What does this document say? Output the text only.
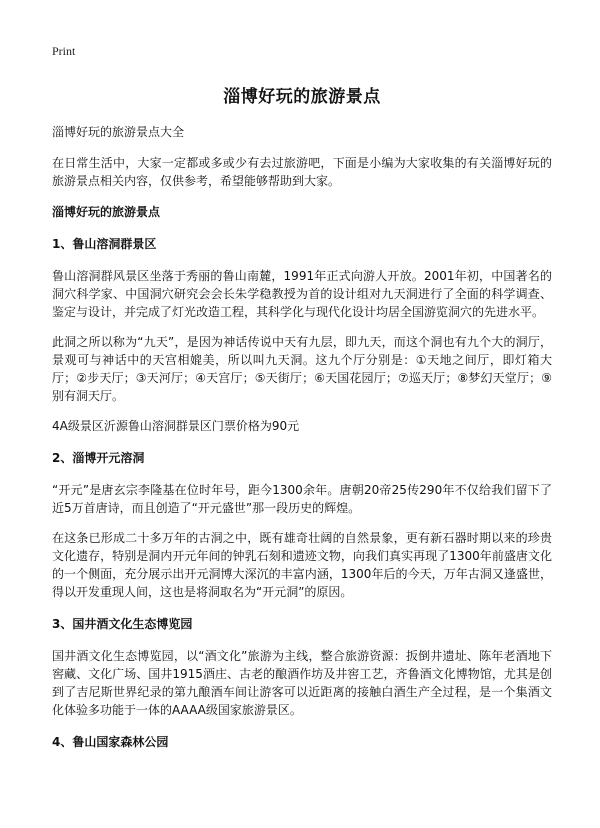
Print
淄博好玩的旅游景点
淄博好玩的旅游景点大全

在日常生活中，大家一定都或多或少有去过旅游吧，下面是小编为大家收集的有关淄博好玩的旅游景点相关内容，仅供参考，希望能够帮助到大家。

淄博好玩的旅游景点
1、鲁山溶洞群景区

鲁山溶洞群风景区坐落于秀丽的鲁山南麓，1991年正式向游人开放。2001年初，中国著名的洞穴科学家、中国洞穴研究会会长朱学稳教授为首的设计组对九天洞进行了全面的科学调查、鉴定与设计，并完成了灯光改造工程，其科学化与现代化设计均居全国游览洞穴的先进水平。

此洞之所以称为“九天”，是因为神话传说中天有九层，即九天，而这个洞也有九个大的洞厅，景观可与神话中的天宫相媲美，所以叫九天洞。这九个厅分别是：①天地之间厅，即灯箱大厅；②步天厅；③天河厅；④天宫厅；⑤天街厅；⑥天国花园厅；⑦巡天厅；⑧梦幻天堂厅；⑨别有洞天厅。

4A级景区沂源鲁山溶洞群景区门票价格为90元

2、淄博开元溶洞

“开元”是唐玄宗李隆基在位时年号，距今1300余年。唐朝20帝25传290年不仅给我们留下了近5万首唐诗，而且创造了“开元盛世”那一段历史的辉煌。

在这条已形成二十多万年的古洞之中，既有雄奇壮阔的自然景象，更有新石器时期以来的珍贵文化遗存，特别是洞内开元年间的钟乳石刻和遗迹文物，向我们真实再现了1300年前盛唐文化的一个侧面，充分展示出开元洞博大深沉的丰富内涵，1300年后的今天，万年古洞又逢盛世，得以开发重现人间，这也是将洞取名为“开元洞”的原因。

3、国井酒文化生态博览园

国井酒文化生态博览园，以“酒文化”旅游为主线，整合旅游资源：扳倒井遗址、陈年老酒地下窖藏、文化广场、国井1915酒庄、古老的酿酒作坊及井窖工艺，齐鲁酒文化博物馆，尤其是创到了吉尼斯世界纪录的第九酿酒车间让游客可以近距离的接触白酒生产全过程，是一个集酒文化体验多功能于一体的AAAA级国家旅游景区。

4、鲁山国家森林公园
